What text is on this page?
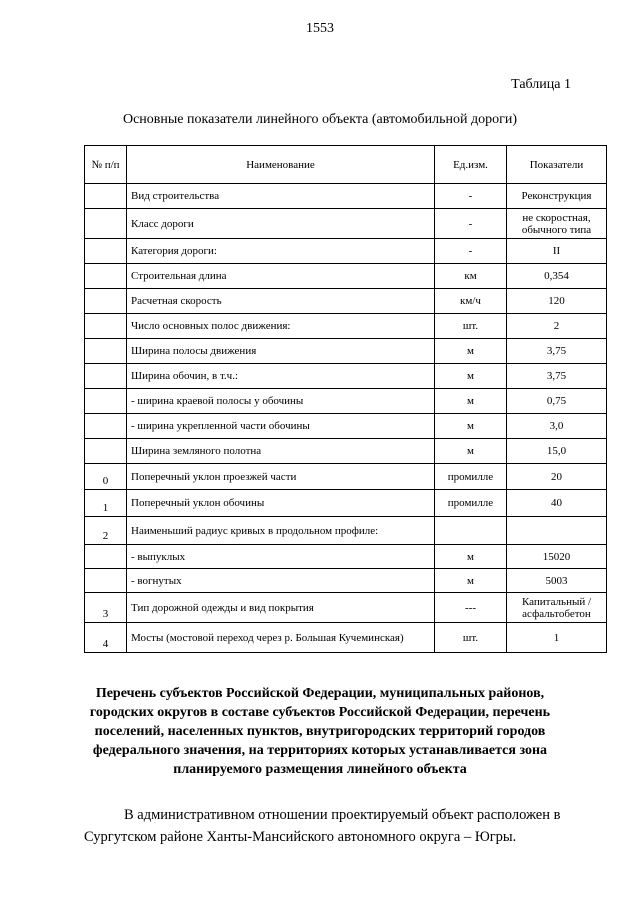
1553
Таблица 1
Основные показатели линейного объекта (автомобильной дороги)
№ п/п	Наименование	Ед.изм.	Показатели
	Вид строительства	-	Реконструкция
	Класс дороги	-	не скоростная, обычного типа
	Категория дороги:	-	II
	Строительная длина	км	0,354
	Расчетная скорость	км/ч	120
	Число основных полос движения:	шт.	2
	Ширина полосы движения	м	3,75
	Ширина обочин, в т.ч.:	м	3,75
	- ширина краевой полосы у обочины	м	0,75
	- ширина укрепленной части обочины	м	3,0
	Ширина земляного полотна	м	15,0
0	Поперечный уклон проезжей части	промилле	20
1	Поперечный уклон обочины	промилле	40
2	Наименьший радиус кривых в продольном профиле:		
	- выпуклых	м	15020
	- вогнутых	м	5003
3	Тип дорожной одежды и вид покрытия	---	Капитальный / асфальтобетон
4	Мосты (мостовой переход через р. Большая Кучеминская)	шт.	1
Перечень субъектов Российской Федерации, муниципальных районов, городских округов в составе субъектов Российской Федерации, перечень поселений, населенных пунктов, внутригородских территорий городов федерального значения, на территориях которых устанавливается зона планируемого размещения линейного объекта
В административном отношении проектируемый объект расположен в Сургутском районе Ханты-Мансийского автономного округа – Югры.
